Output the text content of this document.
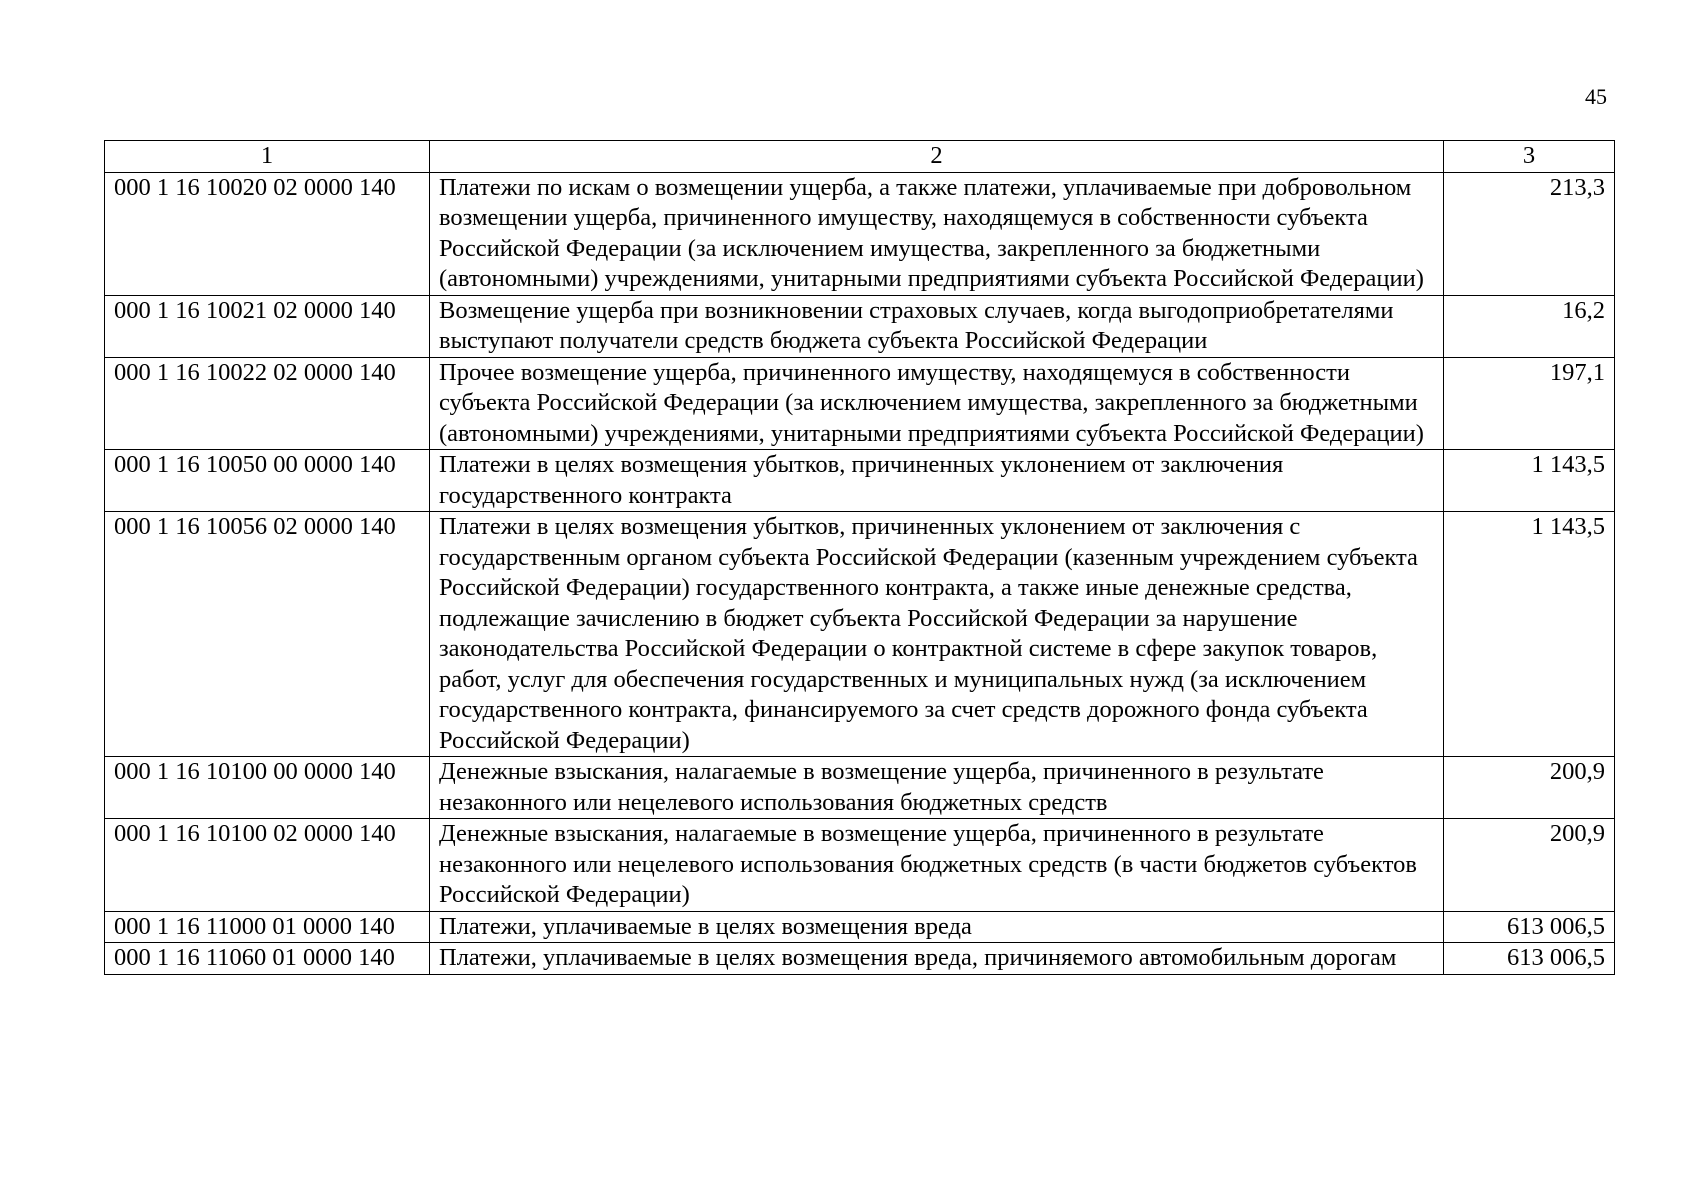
45
1	2	3
000 1 16 10020 02 0000 140	Платежи по искам о возмещении ущерба, а также платежи, уплачиваемые при добровольном возмещении ущерба, причиненного имуществу, находящемуся в собственности субъекта Российской Федерации (за исключением имущества, закрепленного за бюджетными (автономными) учреждениями, унитарными предприятиями субъекта Российской Федерации)	213,3
000 1 16 10021 02 0000 140	Возмещение ущерба при возникновении страховых случаев, когда выгодоприобретателями выступают получатели средств бюджета субъекта Российской Федерации	16,2
000 1 16 10022 02 0000 140	Прочее возмещение ущерба, причиненного имуществу, находящемуся в собственности субъекта Российской Федерации (за исключением имущества, закрепленного за бюджетными (автономными) учреждениями, унитарными предприятиями субъекта Российской Федерации)	197,1
000 1 16 10050 00 0000 140	Платежи в целях возмещения убытков, причиненных уклонением от заключения государственного контракта	1 143,5
000 1 16 10056 02 0000 140	Платежи в целях возмещения убытков, причиненных уклонением от заключения с государственным органом субъекта Российской Федерации (казенным учреждением субъекта Российской Федерации) государственного контракта, а также иные денежные средства, подлежащие зачислению в бюджет субъекта Российской Федерации за нарушение законодательства Российской Федерации о контрактной системе в сфере закупок товаров, работ, услуг для обеспечения государственных и муниципальных нужд (за исключением государственного контракта, финансируемого за счет средств дорожного фонда субъекта Российской Федерации)	1 143,5
000 1 16 10100 00 0000 140	Денежные взыскания, налагаемые в возмещение ущерба, причиненного в результате незаконного или нецелевого использования бюджетных средств	200,9
000 1 16 10100 02 0000 140	Денежные взыскания, налагаемые в возмещение ущерба, причиненного в результате незаконного или нецелевого использования бюджетных средств (в части бюджетов субъектов Российской Федерации)	200,9
000 1 16 11000 01 0000 140	Платежи, уплачиваемые в целях возмещения вреда	613 006,5
000 1 16 11060 01 0000 140	Платежи, уплачиваемые в целях возмещения вреда, причиняемого автомобильным дорогам	613 006,5
